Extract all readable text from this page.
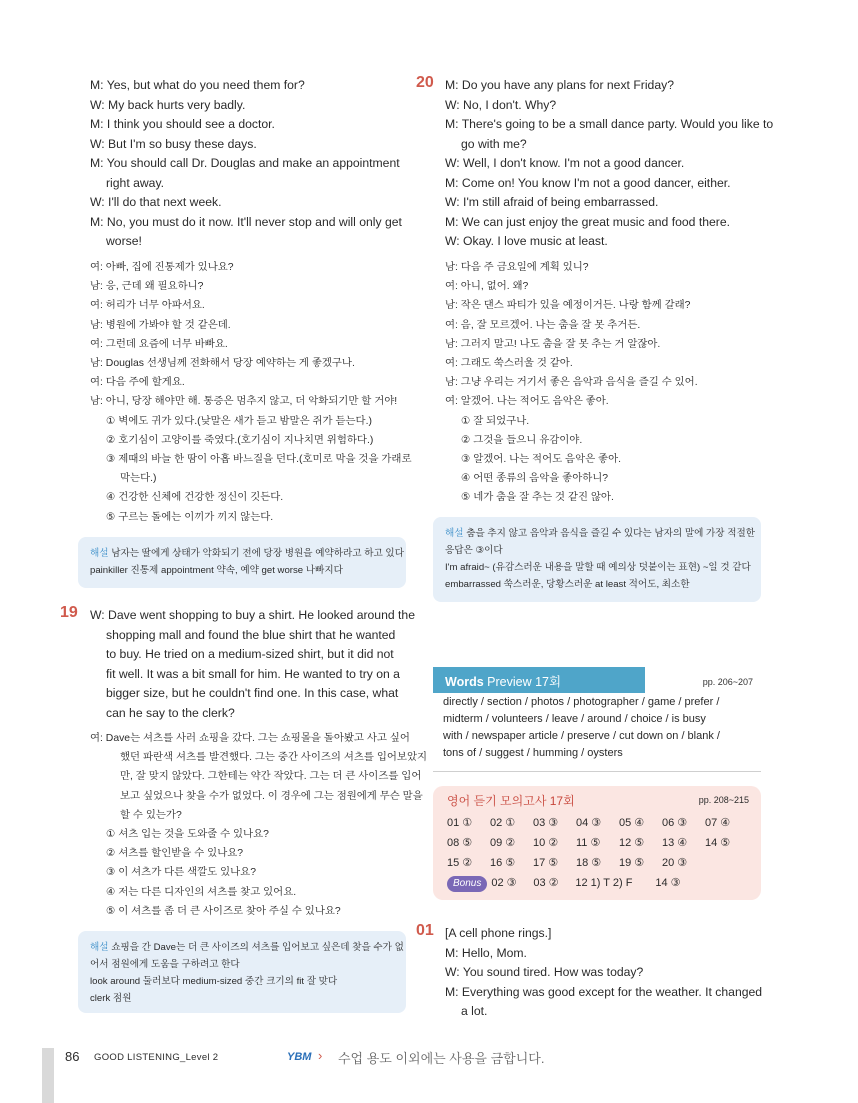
M: Yes, but what do you need them for?
W: My back hurts very badly.
M: I think you should see a doctor.
W: But I'm so busy these days.
M: You should call Dr. Douglas and make an appointment
right away.
W: I'll do that next week.
M: No, you must do it now. It'll never stop and will only get
worse!
여: 아빠, 집에 진통제가 있나요?
남: 응, 근데 왜 필요하니?
여: 허리가 너무 아파서요.
남: 병원에 가봐야 할 것 같은데.
여: 그런데 요즘에 너무 바빠요.
남: Douglas 선생님께 전화해서 당장 예약하는 게 좋겠구나.
여: 다음 주에 할게요.
남: 아니, 당장 해야만 해. 통증은 멈추지 않고, 더 악화되기만 할 거야!
① 벽에도 귀가 있다.(낮말은 새가 듣고 밤말은 쥐가 듣는다.)
② 호기심이 고양이를 죽였다.(호기심이 지나치면 위험하다.)
③ 제때의 바늘 한 땀이 아홉 바느질을 던다.(호미로 막을 것을 가래로
막는다.)
④ 건강한 신체에 건강한 정신이 깃든다.
⑤ 구르는 돌에는 이끼가 끼지 않는다.
해설 남자는 딸에게 상태가 악화되기 전에 당장 병원을 예약하라고 하고 있다
painkiller 진통제 appointment 약속, 예약 get worse 나빠지다
19 W: Dave went shopping to buy a shirt. He looked around the
shopping mall and found the blue shirt that he wanted
to buy. He tried on a medium-sized shirt, but it did not
fit well. It was a bit small for him. He wanted to try on a
bigger size, but he couldn't find one. In this case, what
can he say to the clerk?
여: Dave는 셔츠를 사러 쇼핑을 갔다. 그는 쇼핑몰을 돌아봤고 사고 싶어
했던 파란색 셔츠를 발견했다. 그는 중간 사이즈의 셔츠를 입어보았지
만, 잘 맞지 않았다. 그한테는 약간 작았다. 그는 더 큰 사이즈를 입어
보고 싶었으나 찾을 수가 없었다. 이 경우에 그는 점원에게 무슨 말을
할 수 있는가?
① 셔츠 입는 것을 도와줄 수 있나요?
② 셔츠를 할인받을 수 있나요?
③ 이 셔츠가 다른 색깔도 있나요?
④ 저는 다른 디자인의 셔츠를 찾고 있어요.
⑤ 이 셔츠를 좀 더 큰 사이즈로 찾아 주실 수 있나요?
해설 쇼핑을 간 Dave는 더 큰 사이즈의 셔츠를 입어보고 싶은데 찾을 수가 없
어서 점원에게 도움을 구하려고 한다
look around 둘러보다 medium-sized 중간 크기의 fit 잘 맞다
clerk 점원
20 M: Do you have any plans for next Friday?
W: No, I don't. Why?
M: There's going to be a small dance party. Would you like to
go with me?
W: Well, I don't know. I'm not a good dancer.
M: Come on! You know I'm not a good dancer, either.
W: I'm still afraid of being embarrassed.
M: We can just enjoy the great music and food there.
W: Okay. I love music at least.
남: 다음 주 금요일에 계획 있니?
여: 아니, 없어. 왜?
남: 작은 댄스 파티가 있을 예정이거든. 나랑 함께 갈래?
여: 음, 잘 모르겠어. 나는 춤을 잘 못 추거든.
남: 그러지 말고! 나도 춤을 잘 못 추는 거 알잖아.
여: 그래도 쑥스러울 것 같아.
남: 그냥 우리는 거기서 좋은 음악과 음식을 즐길 수 있어.
여: 알겠어. 나는 적어도 음악은 좋아.
① 잘 되었구나.
② 그것을 들으니 유감이야.
③ 알겠어. 나는 적어도 음악은 좋아.
④ 어떤 종류의 음악을 좋아하니?
⑤ 네가 춤을 잘 추는 것 같진 않아.
해설 춤을 추지 않고 음악과 음식을 즐길 수 있다는 남자의 말에 가장 적절한
응답은 ③이다
I'm afraid~ (유감스러운 내용을 말할 때 예의상 덧붙이는 표현) ~일 것 같다
embarrassed 쑥스러운, 당황스러운 at least 적어도, 최소한
Words Preview 17회	pp. 206~207
directly / section / photos / photographer / game / prefer /
midterm / volunteers / leave / around / choice / is busy
with / newspaper article / preserve / cut down on / blank /
tons of / suggest / humming / oysters
영어 듣기 모의고사 17회	pp. 208~215
01 ① 02 ① 03 ③ 04 ③ 05 ④ 06 ③ 07 ④
08 ⑤ 09 ② 10 ② 11 ⑤ 12 ⑤ 13 ④ 14 ⑤
15 ② 16 ⑤ 17 ⑤ 18 ⑤ 19 ⑤ 20 ③
Bonus 02 ③ 03 ② 12 1) T 2) F 14 ③
01 [A cell phone rings.]
M: Hello, Mom.
W: You sound tired. How was today?
M: Everything was good except for the weather. It changed
a lot.
86 GOOD LISTENING_Level 2	YBM › 수업 용도 이외에는 사용을 금합니다.
